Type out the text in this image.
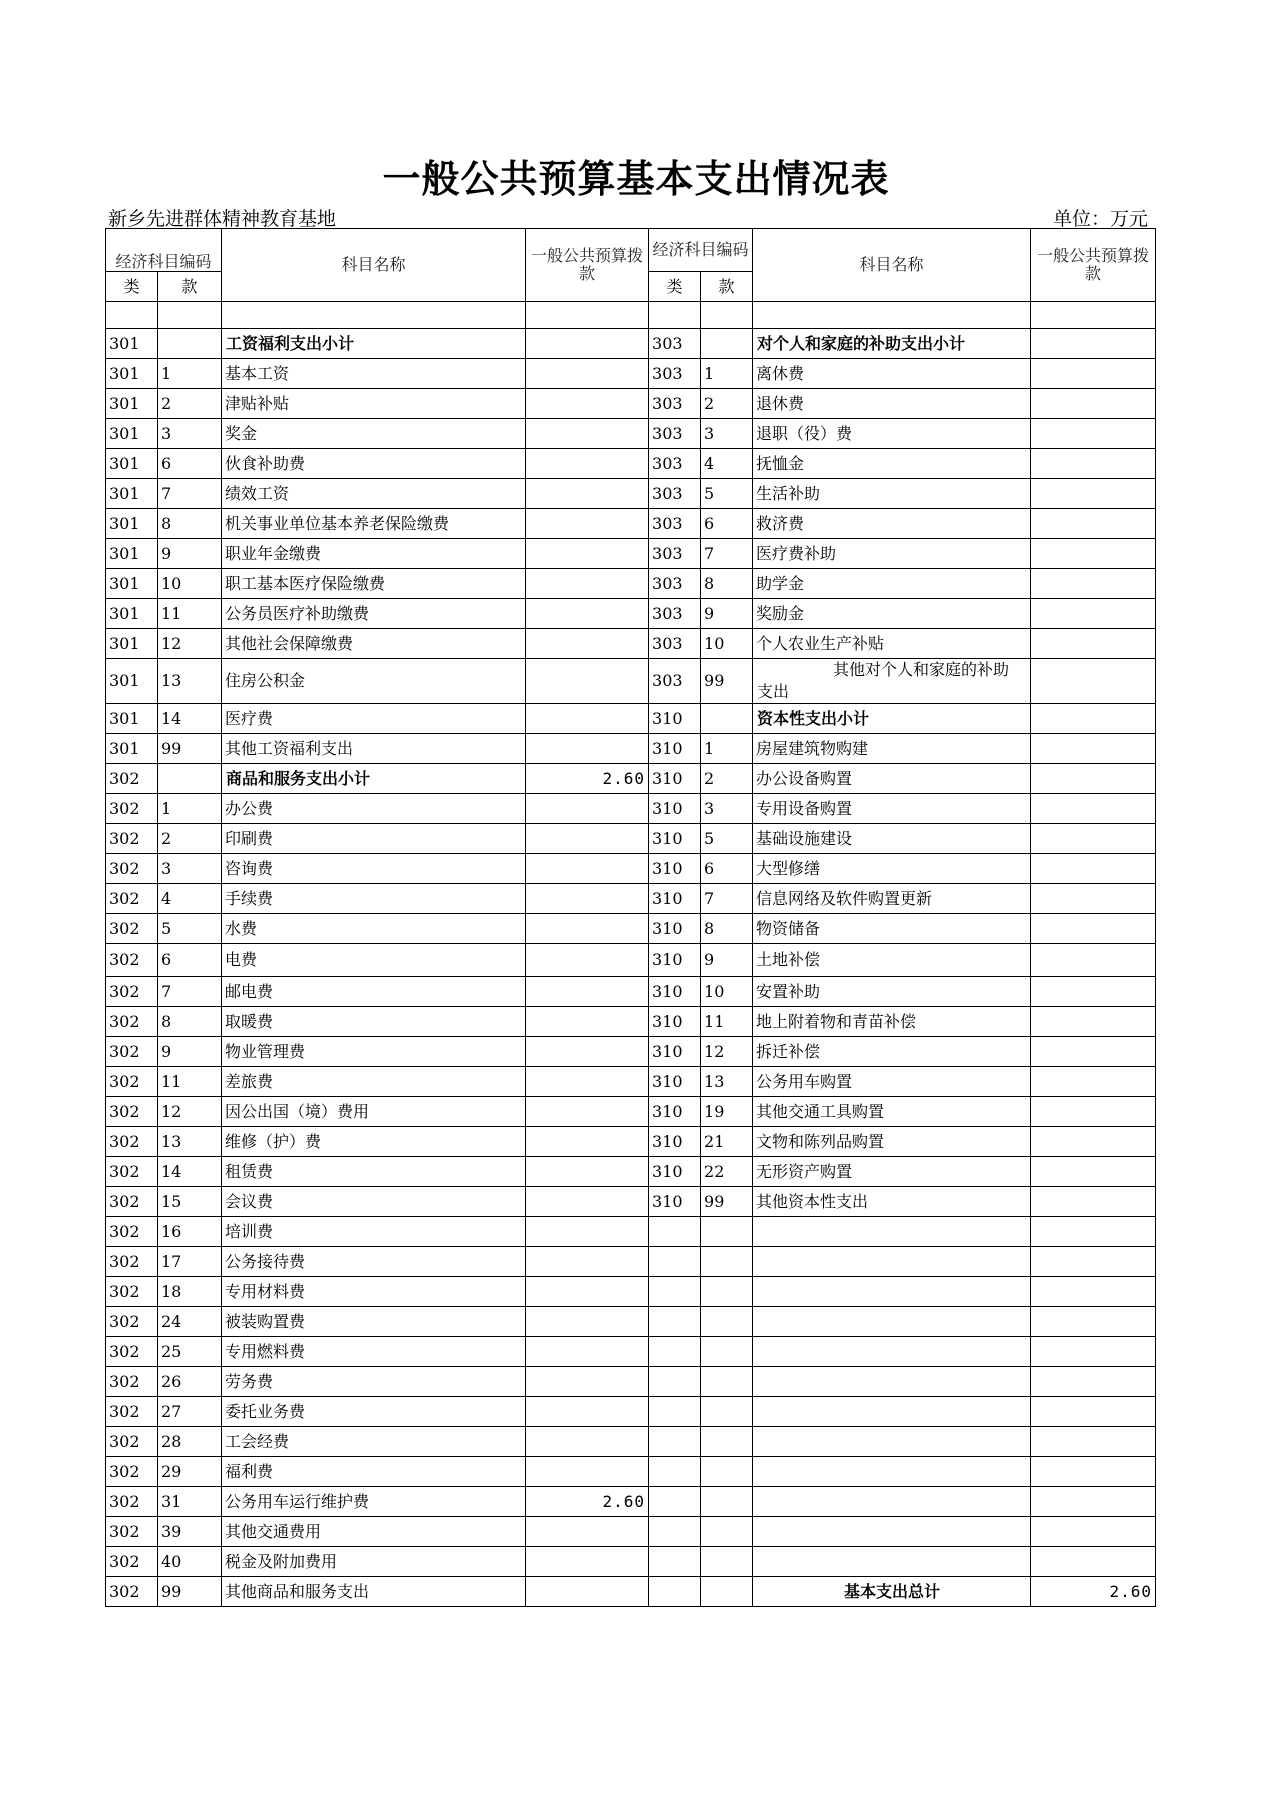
一般公共预算基本支出情况表
新乡先进群体精神教育基地	单位：万元
经济科目编码		科目名称	一般公共预算拨款	经济科目编码		科目名称	一般公共预算拨款
类	款			类	款		

301		工资福利支出小计		303		对个人和家庭的补助支出小计	
301	1	基本工资		303	1	离休费	
301	2	津贴补贴		303	2	退休费	
301	3	奖金		303	3	退职（役）费	
301	6	伙食补助费		303	4	抚恤金	
301	7	绩效工资		303	5	生活补助	
301	8	机关事业单位基本养老保险缴费		303	6	救济费	
301	9	职业年金缴费		303	7	医疗费补助	
301	10	职工基本医疗保险缴费		303	8	助学金	
301	11	公务员医疗补助缴费		303	9	奖励金	
301	12	其他社会保障缴费		303	10	个人农业生产补贴	
301	13	住房公积金		303	99	其他对个人和家庭的补助
支出	
301	14	医疗费		310		资本性支出小计	
301	99	其他工资福利支出		310	1	房屋建筑物购建	
302		商品和服务支出小计	2.60	310	2	办公设备购置	
302	1	办公费		310	3	专用设备购置	
302	2	印刷费		310	5	基础设施建设	
302	3	咨询费		310	6	大型修缮	
302	4	手续费		310	7	信息网络及软件购置更新	
302	5	水费		310	8	物资储备	
302	6	电费		310	9	土地补偿	
302	7	邮电费		310	10	安置补助	
302	8	取暖费		310	11	地上附着物和青苗补偿	
302	9	物业管理费		310	12	拆迁补偿	
302	11	差旅费		310	13	公务用车购置	
302	12	因公出国（境）费用		310	19	其他交通工具购置	
302	13	维修（护）费		310	21	文物和陈列品购置	
302	14	租赁费		310	22	无形资产购置	
302	15	会议费		310	99	其他资本性支出	
302	16	培训费					
302	17	公务接待费					
302	18	专用材料费					
302	24	被装购置费					
302	25	专用燃料费					
302	26	劳务费					
302	27	委托业务费					
302	28	工会经费					
302	29	福利费					
302	31	公务用车运行维护费	2.60				
302	39	其他交通费用					
302	40	税金及附加费用					
302	99	其他商品和服务支出				基本支出总计	2.60
